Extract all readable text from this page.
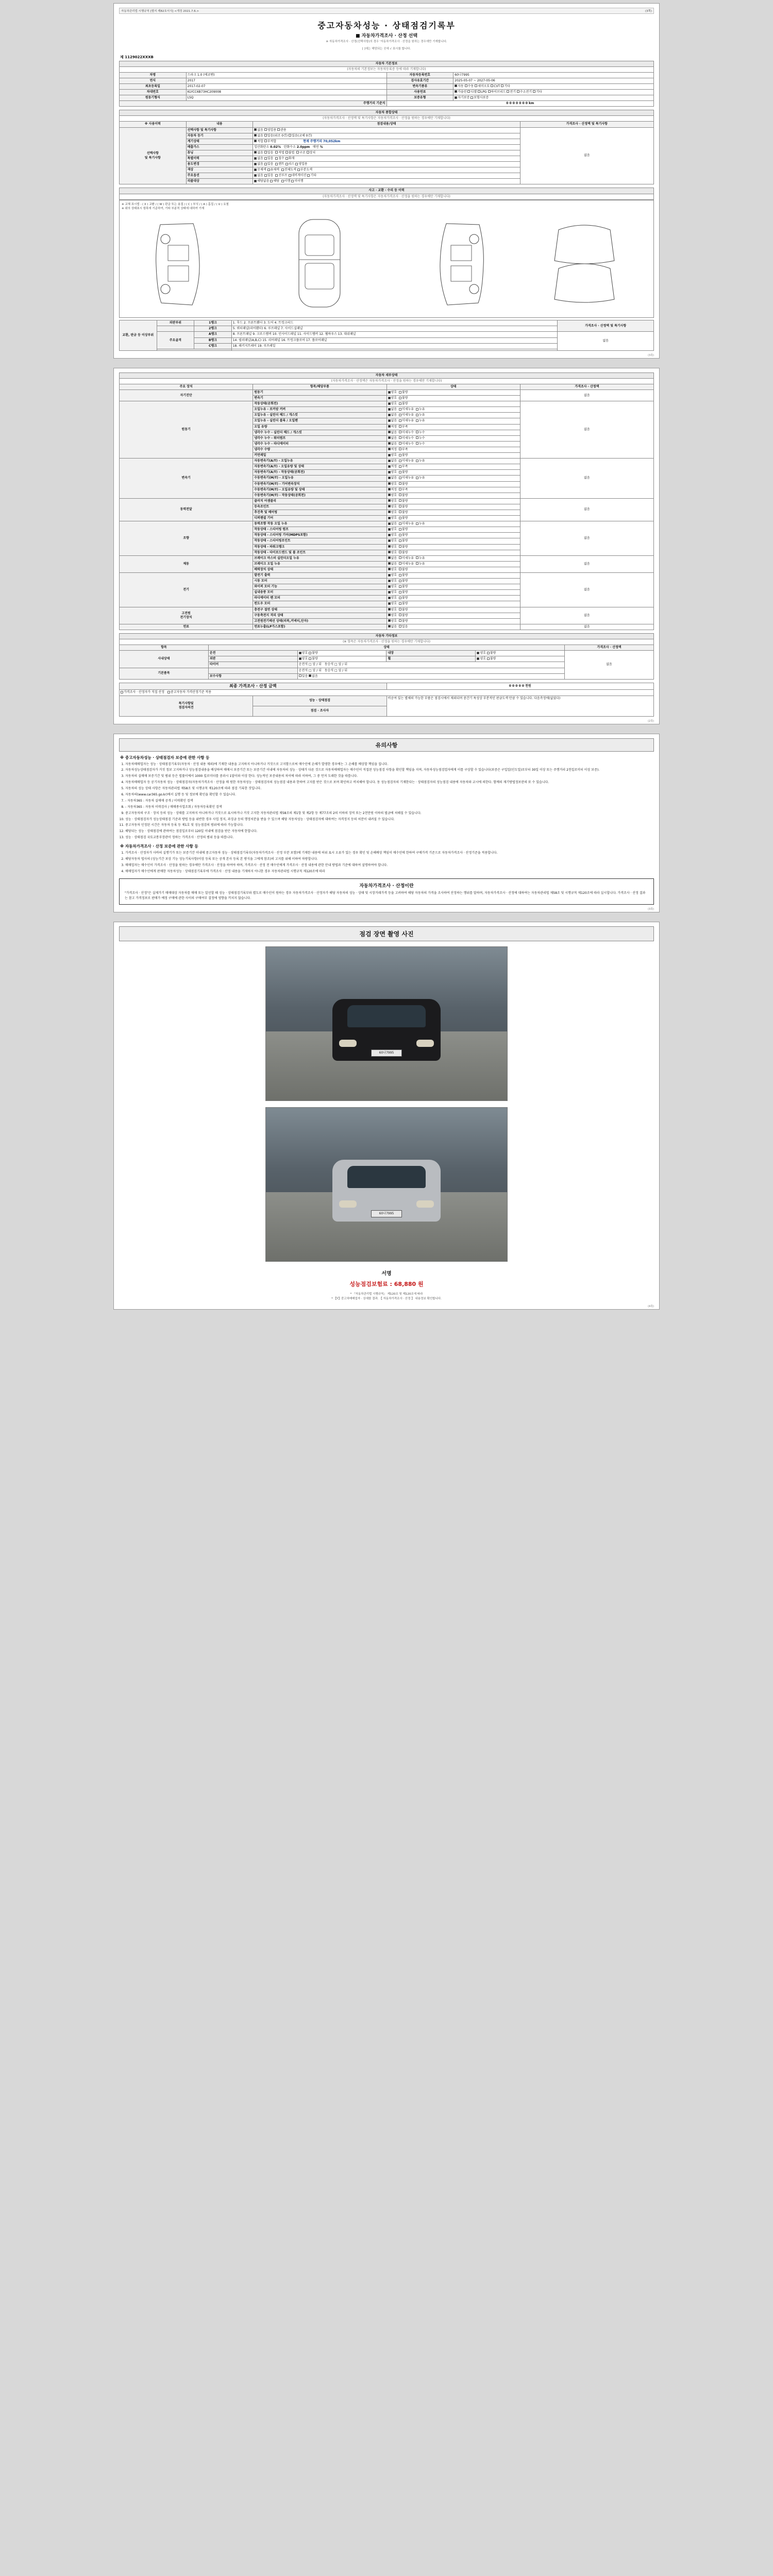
자동차관리법 시행규칙 [별지 제82호서식] <개정 2021.7.6.>	(3쪽)
중고자동차성능 · 상태점검기록부
■ 자동차가격조사 · 산정 선택
※ 자동차가격조사 · 산정(선택사항)의 경우 '자동차가격조사 · 산정을 원하는 경우에만 기재합니다.
[ ]에는 해당되는 곳에 √ 표시를 합니다.
제 1129022XXXB
자동차 기본정보			
(자동차의 기본정보는 자동차등록증 등에 따라 기재합니다)			
차명	스파크 1.0 (에코밴)	자동차등록번호	60나7995
연식	2017	검사유효기간	2025-05-07 ~ 2027-05-06
최초등록일	2017-02-07	변속기종류	자동 수동 세미오토 CVT 기타
차대번호	KLYCC6B73HC209008	사용연료	가솔린 디젤 LPG 하이브리드 전기 수소전기 기타
원동기형식	LSQ	보증유형	자기보증 보험사보증
주행거리 기준치		0 0 0 0 0 0 0 km	
자동차 종합상태			
(자동차가격조사 · 산정액 및 특기사항은 자동차가격조사 · 산정을 원하는 경우에만 기재합니다)			
※ 사용이력	내용	점검내용/상태	가격조사 · 산정액 및 특기사항
선택사항
및 특기사항	선택사항 및 특기사항	없음 영업용 관용	없음
	자동차 등기	없음 있음(위조 0건) 있음(교체 0건)	
	계기상태	적합 부적합 현재 주행거리 70,052km	
	배출가스	일산화탄소 0.02% 탄화수소 2.0ppm 매연 %	
	튜닝	없음 있음 적법 불법 구조 장치	
	특별이력	없음 있음 침수 화재	
	용도변경	없음 있음 렌트 리스 영업용	
	색상	무채색 유채색 전체도색 부분도색	
	주요옵션	없음 있음 선루프 네비게이션 기타	
	리콜대상	해당없음 해당 이행 미이행	
사고 · 교환 · 수리 등 이력
(자동차가격조사 · 산정액 및 특기사항은 자동차가격조사 · 산정을 원하는 경우에만 기재합니다)
※ 교체 표시법 : ( X ) 교환 / ( W ) 판금 또는 용접 / ( C ) 부식 / ( A ) 흠집 / ( U ) 요철
※ 위의 상태표시 항목에 기준하여, 기타 부분적 상태에 대하여 기재
교환, 판금 등 이상부위	외판부위	1랭크	1. 후드 2. 프론트휀더 3. 도어 4. 트렁크리드	가격조사 · 산정액 및 특기사항
		2랭크	5. 쿼터패널(리어휀더) 6. 루프패널 7. 사이드실패널	
	주요골격	A랭크	8. 프론트패널 9. 크로스멤버 10. 인사이드패널 11. 사이드멤버 12. 휠하우스 13. 대쉬패널	없음
		B랭크	14. 필러패널(A,B,C) 15. 리어패널 16. 트렁크플로어 17. 플로어패널	
		C랭크	18. 패키지트레이 19. 루프레일	

(3쪽)
자동차 세부상태			
(자동차가격조사 · 산정액은 자동차가격조사 · 산정을 원하는 경우에만 기재합니다)			
주요 장치	항목/해당부품	상태	가격조사 · 산정액
자기진단	원동기	양호 불량	없음
	변속기	양호 불량	
원동기	작동상태(공회전)	양호 불량	없음
	오일누유 - 로커암 커버	없음 미세누유 누유	
	오일누유 - 실린더 헤드 / 개스킷	없음 미세누유 누유	
	오일누유 - 실린더 블록 / 오일팬	없음 미세누유 누유	
	오일 유량	적정 부족	
	냉각수 누수 - 실린더 헤드 / 개스킷	없음 미세누수 누수	
	냉각수 누수 - 워터펌프	없음 미세누수 누수	
	냉각수 누수 - 라디에이터	없음 미세누수 누수	
	냉각수 수량	적정 부족	
	커먼레일	양호 불량	
변속기	자동변속기(A/T) - 오일누유	없음 미세누유 누유	없음
	자동변속기(A/T) - 오일유량 및 상태	적정 부족	
	자동변속기(A/T) - 작동상태(공회전)	양호 불량	
	수동변속기(M/T) - 오일누유	없음 미세누유 누유	
	수동변속기(M/T) - 기어변속장치	양호 불량	
	수동변속기(M/T) - 오일유량 및 상태	적정 부족	
	수동변속기(M/T) - 작동상태(공회전)	양호 불량	
동력전달	클러치 어셈블리	양호 불량	없음
	등속조인트	양호 불량	
	추진축 및 베어링	양호 불량	
	디퍼렌셜 기어	양호 불량	
조향	동력조향 작동 오일 누유	없음 미세누유 누유	없음
	작동상태 - 스티어링 펌프	양호 불량	
	작동상태 - 스티어링 기어(MDPS포함)	양호 불량	
	작동상태 - 스티어링조인트	양호 불량	
	작동상태 - 파워크랭크	양호 불량	
	작동상태 - 타이로드엔드 및 볼 조인트	양호 불량	
제동	브레이크 마스터 실린더오일 누유	없음 미세누유 누유	없음
	브레이크 오일 누유	없음 미세누유 누유	
	배력장치 상태	양호 불량	
전기	발전기 출력	양호 불량	없음
	시동 모터	양호 불량	
	와이퍼 모터 기능	양호 불량	
	실내송풍 모터	양호 불량	
	라디에이터 팬 모터	양호 불량	
	윈도우 모터	양호 불량	
고전원
전기장치	충전구 절연 상태	양호 불량	없음
	구동축전지 격리 상태	양호 불량	
	고전원전기배선 상태(피복,커넥터,단자)	양호 불량	
연료	연료누출(LP가스포함)	없음 있음	없음
자동차 기타정보					
(※ 항목은 자동차가격조사 · 산정을 원하는 경우에만 기재합니다)					
항목	상태				가격조사 · 산정액
사내상태	운전	양호 불량	내장	양호 불량	없음
	외판	양호 불량	휠	양호 불량	
	타이어	운전석 □ 앞 / 뒤 동승석 □ 앞 / 뒤			
기본품목		운전석 □ 앞 / 뒤 동승석 □ 앞 / 뒤			
	보수사항	있음 없음			
최종 가격조사 · 산정 금액		0 0 0 0 0 천원
가격조사 · 산정자가 직접 산정 중고자동차 가격산정기준 적용		
특기사항및
점검자의견	성능 · 상태점검	비공여 있는 별체의 가능한 부품은 점검시에서 제외되며 중간기 특성상 부분적인 판금도색 만큼 수 있습니다. 다음측정에(없었다)
	점검 · 조사자	
(2쪽)
유의사항
※ 중고자동차성능 · 상태점검자 보증에 관한 사항 등
1. 자동차매매업자는 성능 · 상태점검기록부(자동차 · 산정 내용 제외)에 기재한 내용을 고지하지 아니하거나 거짓으로 고지함으로써 매수인에 손해가 발생한 경우에는 그 손해를 배상할 책임을 집니다.
2. 자동차성능상태점검자가 거짓 정보 고지하거나 성능점검내용을 배상하여 매매시 보증기간 또는 보증기간 이내에 자동차의 성능 · 상태가 다른 것으로 자동차매매업자는 매수인이 직접된 성능점검 사항을 확인할 책임을 지며, 자동차성능점검업자에게 이를 구상할 수 있습니다(보증은 구입일(인도일)로부터 30일 이상 또는 주행거리 2천킬로미터 이상 보증).
3. 자동차의 실매매 보증기간 및 범위 등은 법률이에서 1000 킬로미터를 중과시 1달이와 이상 한다. 성능적인 보증내용의 차이에 따라 이하여, 그 중 먼저 도래한 것을 따릅니다.
4. 자동차매매업자 등 공기자동차 성능 · 상태점검자(자동차가격조사 · 산정을 매 원한 자동차성능 · 상태점검자의 성능점검 내용과 한하여 고지를 받은 것으로 보며 확인하고 비치해야 합니다. 동 성능점검자의 기재한다는 · 상태점검자의 성능점검 내용에 자동차와 교시에 의한다. 함께의 재기방법정보란의 또 수 있습니다.
5. 자동차의 성능 상태 사항은 자동차관리법 제58조 및 시행규칙 제120조에 따라 점검 기록한 것입니다.
6. 자동차의(www.car365.go.kr)에서 실행 등 및 정보에 확인을 확인할 수 있습니다.
7. - 자동차365 : 자동차 실매매 공개 / 이력확인 검색
8. - 자동차365 : 자동차 이력검사 / 매매종사업조회 / 자동차등록확인 검색
9. 중고자동차의 구조 · 장치 등의 성능 · 상태를 고지하지 아니하거나 거짓으로 표시하거나 거짓 고지한 자동차관리법 제58조의 제1항 및 제2항 등 제77조의 2의 이하의 징역 또는 2천만원 이하의 벌금에 처해질 수 있습니다.
10. 성능 · 상태점검자가 성능상태점검 기준과 방법 등을 위반한 경우 사업 정지, 과징금 등의 행정처분을 받을 수 있으며 해당 자동차성능 · 상태점검자에 대하여는 자격정지 등의 처분이 내려질 수 있습니다.
11. 중고자동차 인정된 시간은 자동차 등록 등 제1호 및 성능점검의 범위에 따라 가능합니다.
12. 해당되는 성능 · 상태점검에 관하여는 점검일로부터 120일 이내에 점검을 받은 자동차에 한합니다.
13. 성능 · 상태점검 국토교통부장관이 정하는 가격조사 · 산정의 범위 등을 따릅니다.
※ 자동차가격조사 · 산정 보증에 관한 사항 등
1. 가격조사 · 산정자가 사바의 실행기가 또는 보증기간 이내에 중고자동차 성능 · 상태점검기록부(자동차가격조사 · 산정 부분 포함)에 기재한 내용에 허위 표시 오류가 있는 경우 확인 및 손해배상 책임이 매수인에 한하여 구매가격 기준으로 자동차가격조사 · 산정기준을 적용합니다.
2. 해당자동차 법사의 (성능기간 보상 기능 성능기록사항(이상 등록 또는 공개 본사 등록 본 방식을 그에게 참조)의 고지를 위해 이하여 차량합니다.
3. 매매업자는 매수인이 가격조사 · 산정을 원하는 경우에만 가격조사 · 산정을 하여야 하며, 가격조사 · 산정 전 매수인에게 가격조사 · 산정 내용에 관한 안내 방법과 기준에 대하여 설명하여야 합니다.
4. 매매업자가 매수인에게 판매한 자동차성능 · 상태점검기록부에 가격조사 · 산정 내용을 기재하지 아니한 경우 자동차관리법 시행규칙 제120조에 따라
자동차가격조사 · 산정이란
"가격조사 · 산정"은 실제가기 매매대상 자동차를 매매 또는 알선할 때 성능 · 상태점검기록부와 별도로 매수인이 원하는 경우 자동차가격조사 · 산정자가 해당 자동차의 성능 · 상태 및 시장거래가격 등을 고려하여 해당 자동차의 가격을 조사하여 산정하는 행위를 말하며, 자동차가격조사 · 산정에 대하여는 자동차관리법 제58조 및 시행규칙 제120조에 따라 실시합니다. 가격조사 · 산정 결과는 참고 가격정보로 판매가 예정 구매에 관한 사이의 구매여부 결정에 영향을 끼치지 않습니다.
(3쪽)
점검 장면 촬영 사진
60나7995
60나7995
서명
성능점검보험료 : 68,880 원
* 『자동차관리법 시행규칙』 제120조 및 제120조에 따라
* 【Y】중고차매매업자 · 상세함 결과. 【 자동차가격조사 · 산정 】 내용정보 확인합니다.
(4쪽)
